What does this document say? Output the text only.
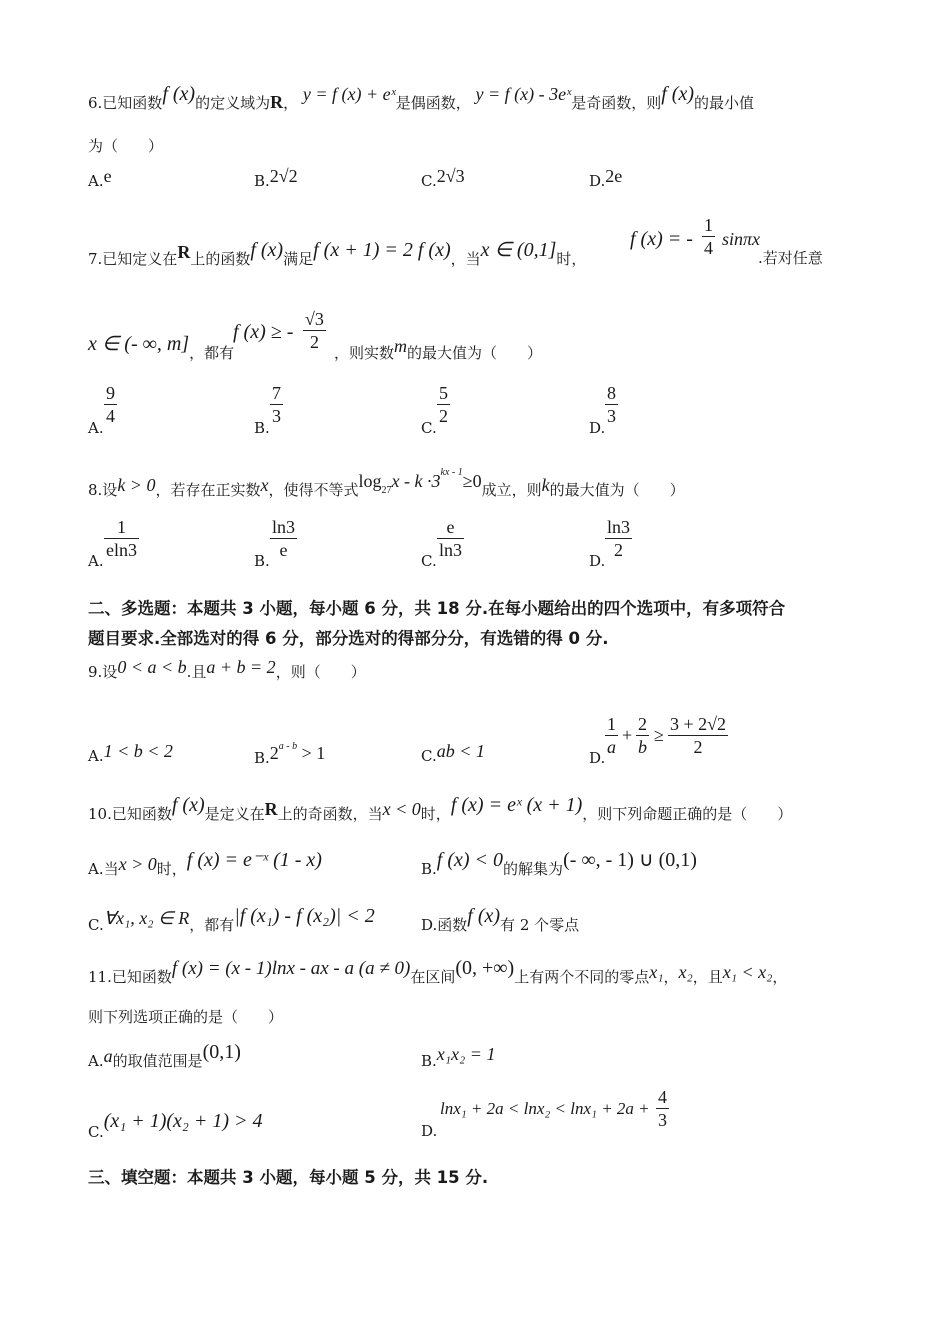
6.已知函数f (x)的定义域为R， y = f (x) + eˣ是偶函数， y = f (x) - 3eˣ是奇函数，则f (x)的最小值
为（　　）
A.e	B.2√2	C.2√3	D.2e
7.已知定义在R上的函数f (x)满足f (x + 1) = 2 f (x)，当x ∈ (0,1]时，
f (x) = - $\frac{1}{4}$ sinπx
.若对任意
x ∈ (- ∞, m]，都有
f (x) ≥ - $\frac{√3}{2}$ ，则实数m的最大值为（　　）
A.
$\frac{9}{4}$
B.
$\frac{7}{3}$
C.
$\frac{5}{2}$
D.
$\frac{8}{3}$
8.设k > 0，若存在正实数x，使得不等式$\log_{27}x - k \cdot 3^{kx - 1}\ge 0$成立，则k的最大值为（　　）
A. $\frac{1}{eln3}$	B. $\frac{\ln 3}{e}$	C. $\frac{e}{\ln 3}$	D. $\frac{\ln 3}{2}$
二、多选题：本题共 3 小题，每小题 6 分，共 18 分.在每小题给出的四个选项中，有多项符合
题目要求.全部选对的得 6 分，部分选对的得部分分，有选错的得 0 分.
9.设0 < a < b.且a + b = 2，则（　　）
A.1 < b < 2	$B.2^{a - b} > 1$	C.ab < 1	D. $\frac{1}{a} + \frac{2}{b} \ge \frac{3 + 2√2}{2}$
10.已知函数f (x)是定义在R上的奇函数，当x < 0时，f (x) = eˣ (x + 1)，则下列命题正确的是（　　）
A.当x > 0时，f (x) = e⁻ˣ (1 - x)	B.f (x) < 0的解集为(- ∞, - 1) ∪ (0,1)
C.∀x₁, x₂ ∈ R，都有|f (x₁) - f (x₂)| < 2	D.函数f (x)有 2 个零点
11.已知函数f (x) = (x - 1)lnx - ax - a (a ≠ 0)在区间(0, +∞)上有两个不同的零点x₁，x₂，且x₁ < x₂，
则下列选项正确的是（　　）
A.a的取值范围是(0,1)	B.x₁x₂ = 1
C.(x₁ + 1)(x₂ + 1) > 4	D.
$\ln x_1 + 2a < \ln x_2 < \ln x_1 + 2a + \frac{4}{3}$
三、填空题：本题共 3 小题，每小题 5 分，共 15 分.
